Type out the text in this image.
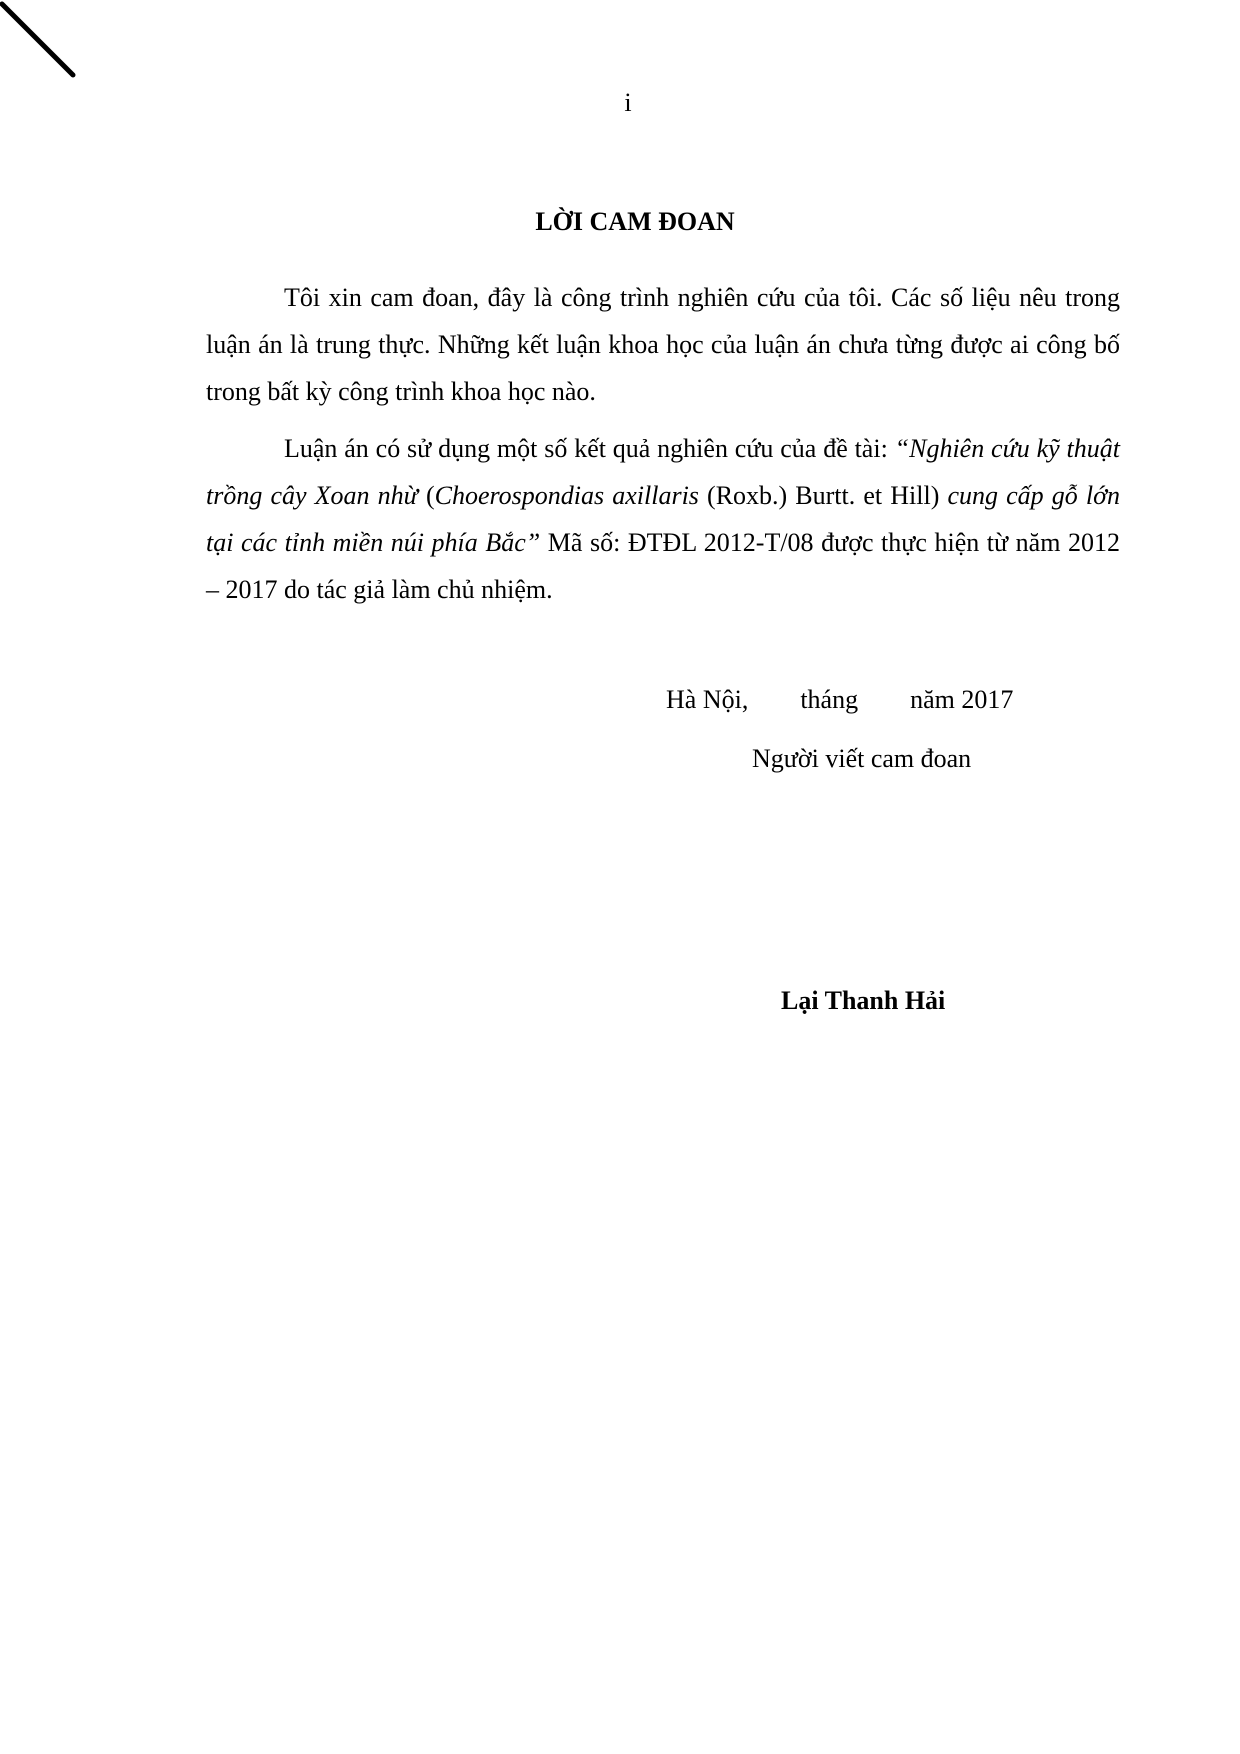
i
LỜI CAM ĐOAN

Tôi xin cam đoan, đây là công trình nghiên cứu của tôi. Các số liệu nêu trong luận án là trung thực. Những kết luận khoa học của luận án chưa từng được ai công bố trong bất kỳ công trình khoa học nào.

Luận án có sử dụng một số kết quả nghiên cứu của đề tài: “Nghiên cứu kỹ thuật trồng cây Xoan nhừ (Choerospondias axillaris (Roxb.) Burtt. et Hill) cung cấp gỗ lớn tại các tỉnh miền núi phía Bắc” Mã số: ĐTĐL 2012-T/08 được thực hiện từ năm 2012 – 2017 do tác giả làm chủ nhiệm.

Hà Nội,        tháng        năm 2017
Người viết cam đoan
Lại Thanh Hải
